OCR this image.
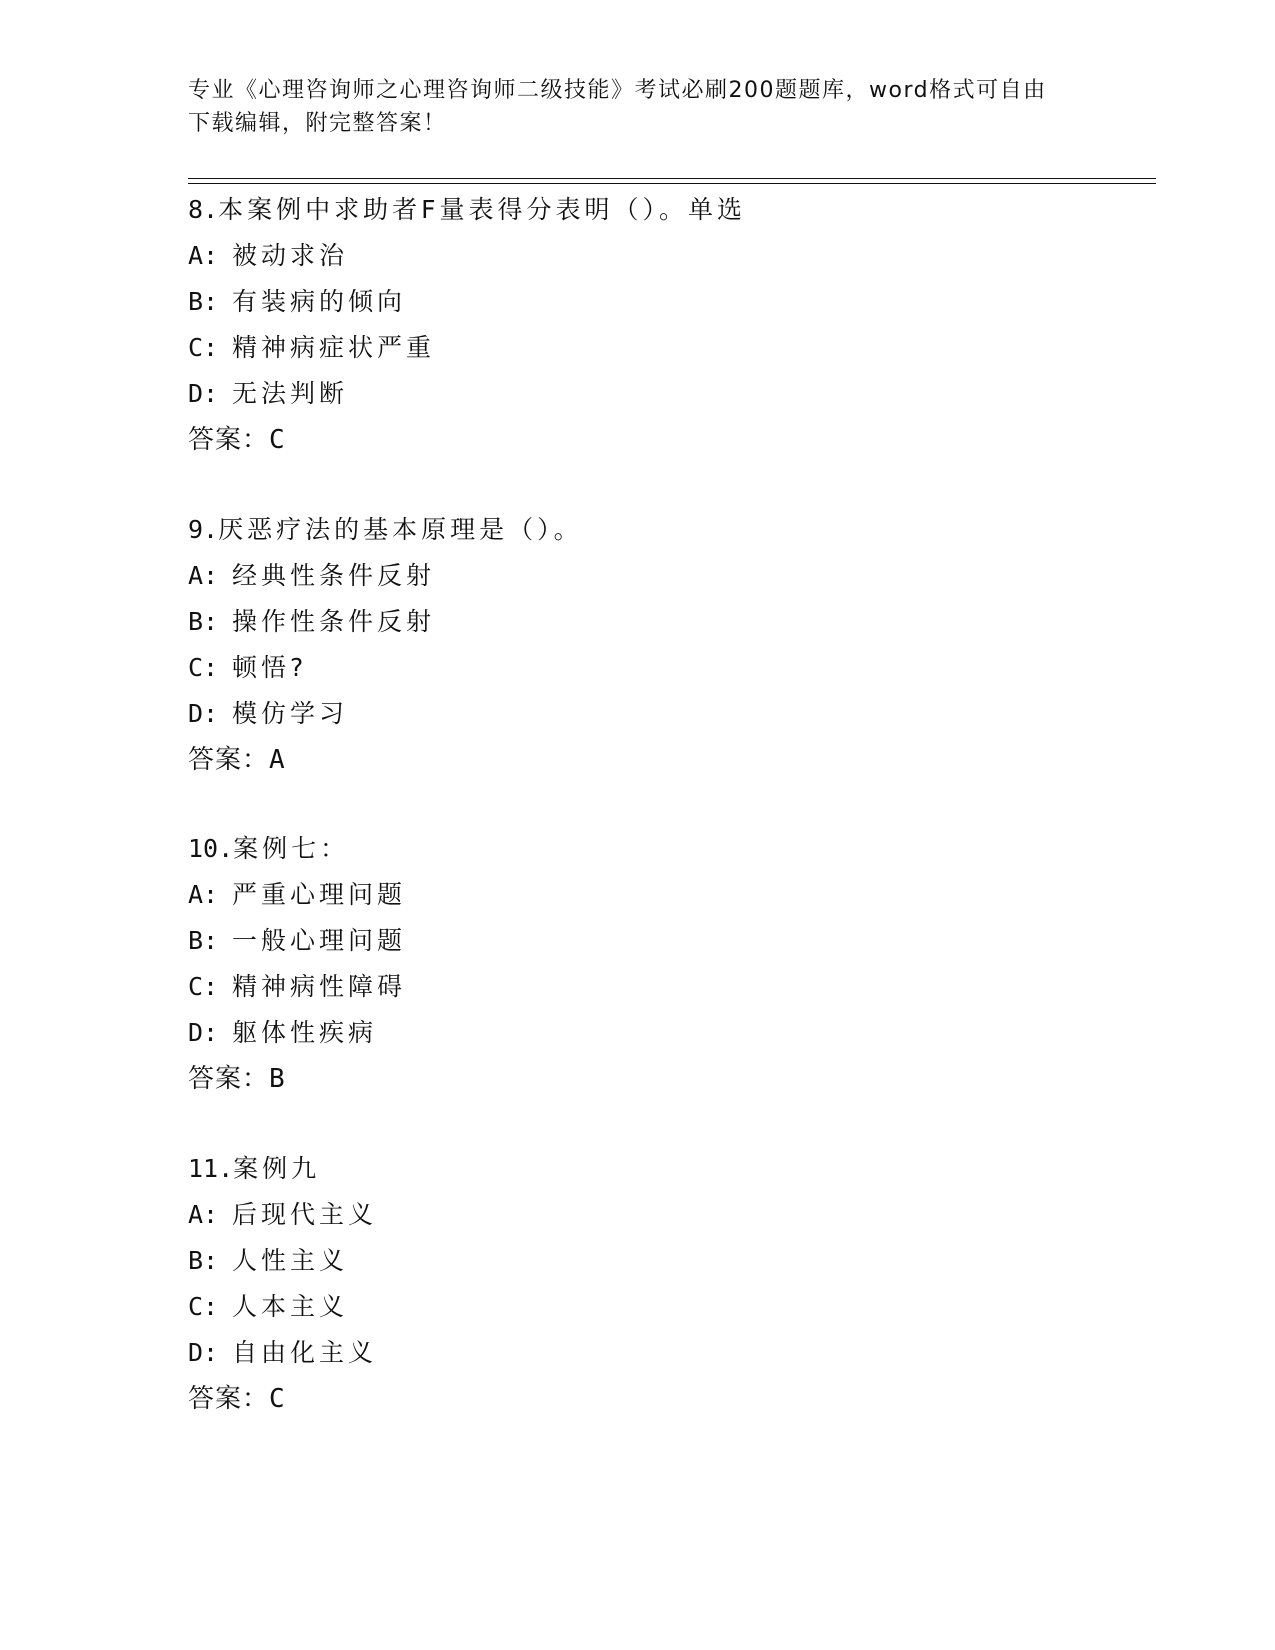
专业《心理咨询师之心理咨询师二级技能》考试必刷200题题库，word格式可自由下载编辑，附完整答案！
8.本案例中求助者F量表得分表明（）。单选
A: 被动求治
B: 有装病的倾向
C: 精神病症状严重
D: 无法判断
答案：C
9.厌恶疗法的基本原理是（）。
A: 经典性条件反射
B: 操作性条件反射
C: 顿悟?
D: 模仿学习
答案：A
10.案例七：
A: 严重心理问题
B: 一般心理问题
C: 精神病性障碍
D: 躯体性疾病
答案：B
11.案例九
A: 后现代主义
B: 人性主义
C: 人本主义
D: 自由化主义
答案：C
